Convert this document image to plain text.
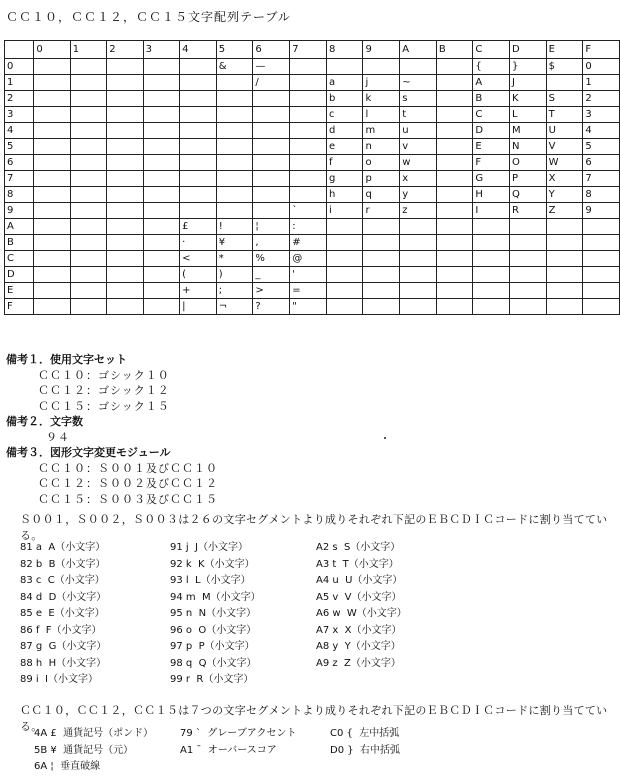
ＣＣ１０，ＣＣ１２，ＣＣ１５文字配列テーブル
	0	1	2	3	4	5	6	7	8	9	A	B	C	D	E	F
0						&	—						{	}	$	0
1							/		a	j	~		A	J		1
2									b	k	s		B	K	S	2
3									c	l	t		C	L	T	3
4									d	m	u		D	M	U	4
5									e	n	v		E	N	V	5
6									f	o	w		F	O	W	6
7									g	p	x		G	P	X	7
8									h	q	y		H	Q	Y	8
9								`	i	r	z		I	R	Z	9
A					£	!	¦	:								
B					·	¥	,	#								
C					<	*	%	@								
D					(	)	_	'								
E					+	;	>	=								
F					|	¬	?	"								
備考１．使用文字セット
ＣＣ１０：ゴシック１０
ＣＣ１２：ゴシック１２
ＣＣ１５：ゴシック１５
備考２．文字数
９４
備考３．図形文字変更モジュール
ＣＣ１０：Ｓ００１及びＣＣ１０
ＣＣ１２：Ｓ００２及びＣＣ１２
ＣＣ１５：Ｓ００３及びＣＣ１５
Ｓ００１，Ｓ００２，Ｓ００３は２６の文字セグメントより成りそれぞれ下記のＥＢＣＤＩＣコードに割り当てている。
81 a  A（小文字）
82 b  B（小文字）
83 c  C（小文字）
84 d  D（小文字）
85 e  E（小文字）
86 f  F（小文字）
87 g  G（小文字）
88 h  H（小文字）
89 i  I（小文字）
91 j  J（小文字）
92 k  K（小文字）
93 l  L（小文字）
94 m  M（小文字）
95 n  N（小文字）
96 o  O（小文字）
97 p  P（小文字）
98 q  Q（小文字）
99 r  R（小文字）
A2 s  S（小文字）
A3 t  T（小文字）
A4 u  U（小文字）
A5 v  V（小文字）
A6 w  W（小文字）
A7 x  X（小文字）
A8 y  Y（小文字）
A9 z  Z（小文字）
ＣＣ１０，ＣＣ１２，ＣＣ１５は７つの文字セグメントより成りそれぞれ下記のＥＢＣＤＩＣコードに割り当てている。
4A £  通貨記号（ポンド）
5B ¥  通貨記号（元）
6A ¦  垂直破線
79 `  グレーブアクセント
A1 ¯  オーバースコア
C0 {  左中括弧
D0 }  右中括弧
